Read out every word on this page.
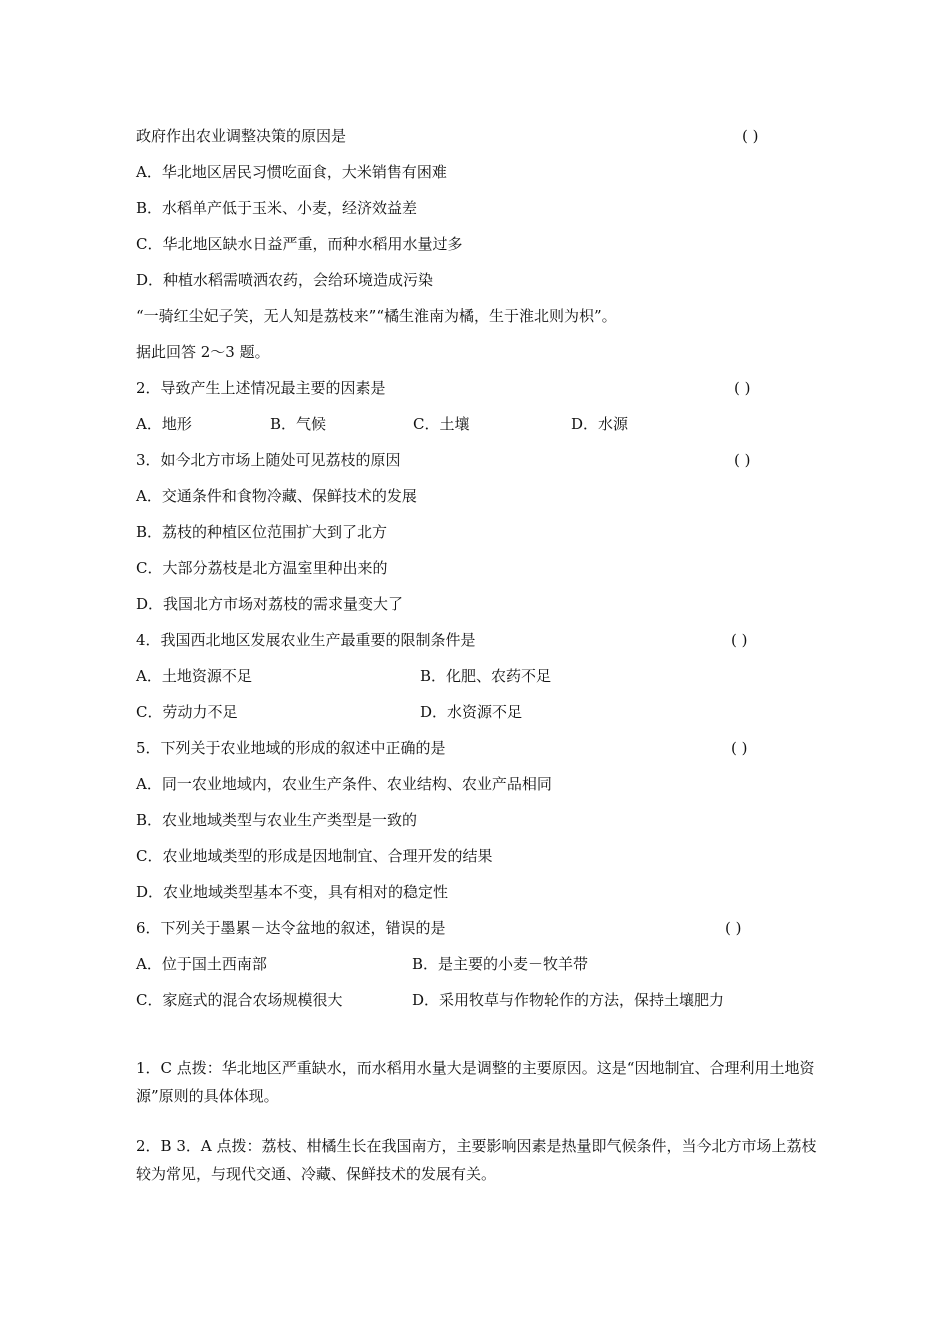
政府作出农业调整决策的原因是	( )
A．华北地区居民习惯吃面食，大米销售有困难
B．水稻单产低于玉米、小麦，经济效益差
C．华北地区缺水日益严重，而种水稻用水量过多
D．种植水稻需喷洒农药，会给环境造成污染
“一骑红尘妃子笑，无人知是荔枝来”“橘生淮南为橘，生于淮北则为枳”。
据此回答 2～3 题。
2．导致产生上述情况最主要的因素是	( )
A．地形	B．气候	C．土壤	D．水源
3．如今北方市场上随处可见荔枝的原因	( )
A．交通条件和食物冷藏、保鲜技术的发展
B．荔枝的种植区位范围扩大到了北方
C．大部分荔枝是北方温室里种出来的
D．我国北方市场对荔枝的需求量变大了
4．我国西北地区发展农业生产最重要的限制条件是	( )
A．土地资源不足	B．化肥、农药不足
C．劳动力不足	D．水资源不足
5．下列关于农业地域的形成的叙述中正确的是	( )
A．同一农业地域内，农业生产条件、农业结构、农业产品相同
B．农业地域类型与农业生产类型是一致的
C．农业地域类型的形成是因地制宜、合理开发的结果
D．农业地域类型基本不变，具有相对的稳定性
6．下列关于墨累－达令盆地的叙述，错误的是	( )
A．位于国土西南部	B．是主要的小麦－牧羊带
C．家庭式的混合农场规模很大	D．采用牧草与作物轮作的方法，保持土壤肥力
1．C 点拨：华北地区严重缺水，而水稻用水量大是调整的主要原因。这是“因地制宜、合理利用土地资源”原则的具体体现。
2．B 3．A 点拨：荔枝、柑橘生长在我国南方，主要影响因素是热量即气候条件，当今北方市场上荔枝较为常见，与现代交通、冷藏、保鲜技术的发展有关。
